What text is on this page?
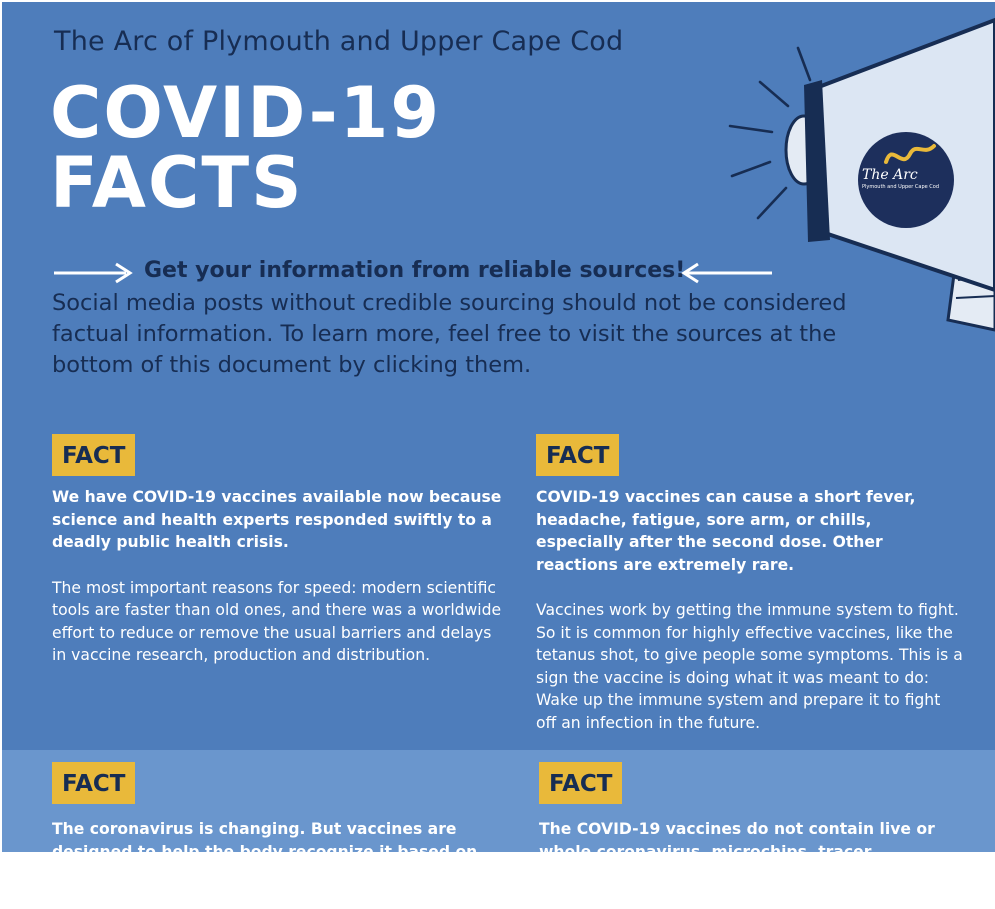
The Arc of Plymouth and Upper Cape Cod
COVID-19
FACTS	The Arc
Plymouth and Upper Cape Cod
Get your information from reliable sources!
Social media posts without credible sourcing should not be considered factual information. To learn more, feel free to visit the sources at the bottom of this document by clicking them.
FACT

We have COVID-19 vaccines available now because science and health experts responded swiftly to a deadly public health crisis.

The most important reasons for speed: modern scientific tools are faster than old ones, and there was a worldwide effort to reduce or remove the usual barriers and delays in vaccine research, production and distribution.

FACT

COVID-19 vaccines can cause a short fever, headache, fatigue, sore arm, or chills, especially after the second dose. Other reactions are extremely rare.

Vaccines work by getting the immune system to fight. So it is common for highly effective vaccines, like the tetanus shot, to give people some symptoms. This is a sign the vaccine is doing what it was meant to do: Wake up the immune system and prepare it to fight off an infection in the future.

FACT

The coronavirus is changing. But vaccines are designed to help the body recognize it based on

FACT

The COVID-19 vaccines do not contain live or whole coronavirus, microchips, tracer technology
